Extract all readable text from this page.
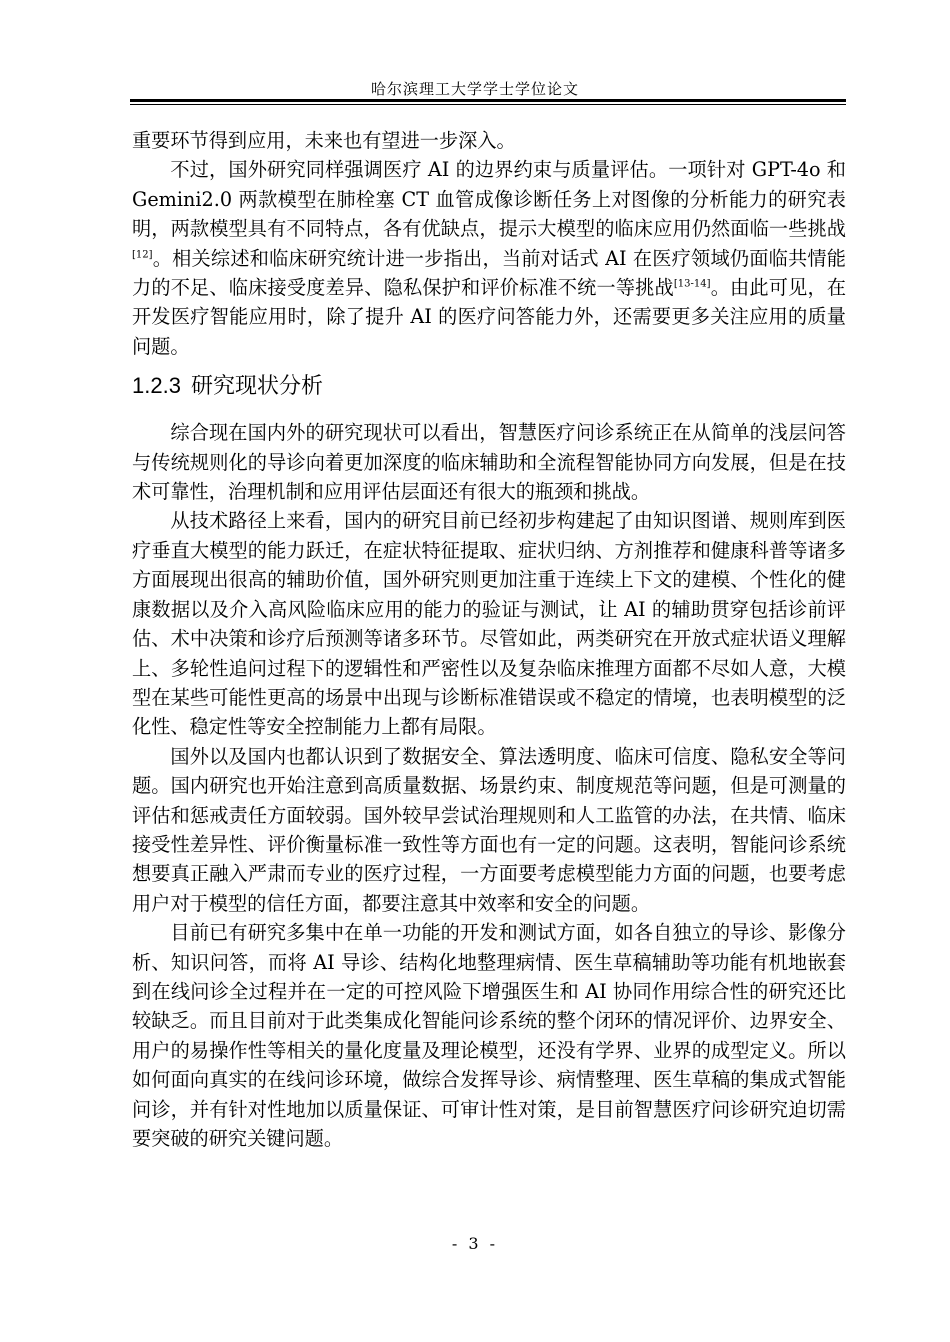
哈尔滨理工大学学士学位论文

重要环节得到应用，未来也有望进一步深入。

不过，国外研究同样强调医疗 AI 的边界约束与质量评估。一项针对 GPT-4o 和 Gemini2.0 两款模型在肺栓塞 CT 血管成像诊断任务上对图像的分析能力的研究表明，两款模型具有不同特点，各有优缺点，提示大模型的临床应用仍然面临一些挑战[12]。相关综述和临床研究统计进一步指出，当前对话式 AI 在医疗领域仍面临共情能力的不足、临床接受度差异、隐私保护和评价标准不统一等挑战[13-14]。由此可见，在开发医疗智能应用时，除了提升 AI 的医疗问答能力外，还需要更多关注应用的质量问题。

1.2.3 研究现状分析

综合现在国内外的研究现状可以看出，智慧医疗问诊系统正在从简单的浅层问答与传统规则化的导诊向着更加深度的临床辅助和全流程智能协同方向发展，但是在技术可靠性，治理机制和应用评估层面还有很大的瓶颈和挑战。

从技术路径上来看，国内的研究目前已经初步构建起了由知识图谱、规则库到医疗垂直大模型的能力跃迁，在症状特征提取、症状归纳、方剂推荐和健康科普等诸多方面展现出很高的辅助价值，国外研究则更加注重于连续上下文的建模、个性化的健康数据以及介入高风险临床应用的能力的验证与测试，让 AI 的辅助贯穿包括诊前评估、术中决策和诊疗后预测等诸多环节。尽管如此，两类研究在开放式症状语义理解上、多轮性追问过程下的逻辑性和严密性以及复杂临床推理方面都不尽如人意，大模型在某些可能性更高的场景中出现与诊断标准错误或不稳定的情境，也表明模型的泛化性、稳定性等安全控制能力上都有局限。

国外以及国内也都认识到了数据安全、算法透明度、临床可信度、隐私安全等问题。国内研究也开始注意到高质量数据、场景约束、制度规范等问题，但是可测量的评估和惩戒责任方面较弱。国外较早尝试治理规则和人工监管的办法，在共情、临床接受性差异性、评价衡量标准一致性等方面也有一定的问题。这表明，智能问诊系统想要真正融入严肃而专业的医疗过程，一方面要考虑模型能力方面的问题，也要考虑用户对于模型的信任方面，都要注意其中效率和安全的问题。

目前已有研究多集中在单一功能的开发和测试方面，如各自独立的导诊、影像分析、知识问答，而将 AI 导诊、结构化地整理病情、医生草稿辅助等功能有机地嵌套到在线问诊全过程并在一定的可控风险下增强医生和 AI 协同作用综合性的研究还比较缺乏。而且目前对于此类集成化智能问诊系统的整个闭环的情况评价、边界安全、用户的易操作性等相关的量化度量及理论模型，还没有学界、业界的成型定义。所以如何面向真实的在线问诊环境，做综合发挥导诊、病情整理、医生草稿的集成式智能问诊，并有针对性地加以质量保证、可审计性对策，是目前智慧医疗问诊研究迫切需要突破的研究关键问题。

- 3 -
